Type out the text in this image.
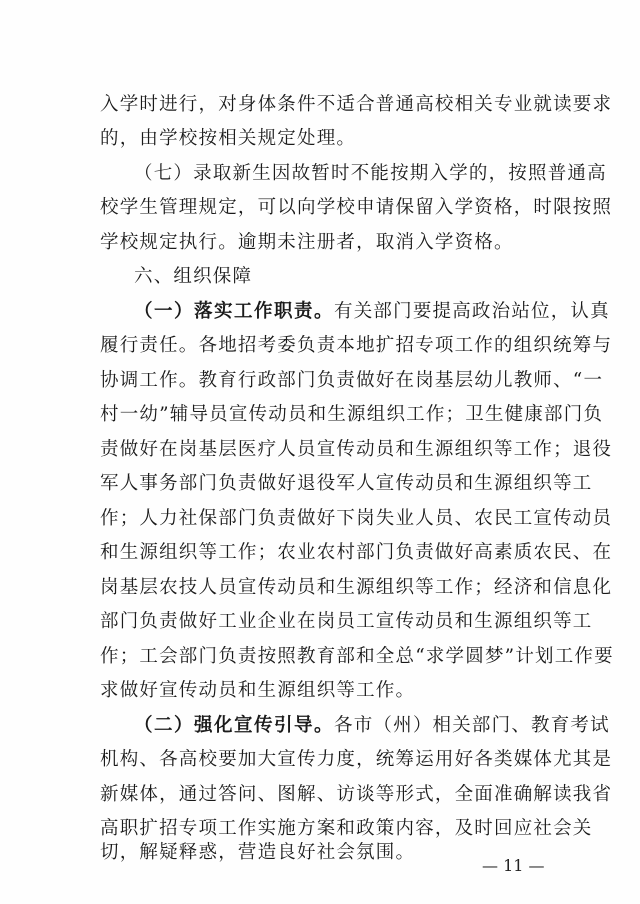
入学时进行，对身体条件不适合普通高校相关专业就读要求
的，由学校按相关规定处理。
（七）录取新生因故暂时不能按期入学的，按照普通高
校学生管理规定，可以向学校申请保留入学资格，时限按照
学校规定执行。逾期未注册者，取消入学资格。
六、组织保障
（一）落实工作职责。有关部门要提高政治站位，认真
履行责任。各地招考委负责本地扩招专项工作的组织统筹与
协调工作。教育行政部门负责做好在岗基层幼儿教师、“一
村一幼”辅导员宣传动员和生源组织工作；卫生健康部门负
责做好在岗基层医疗人员宣传动员和生源组织等工作；退役
军人事务部门负责做好退役军人宣传动员和生源组织等工
作；人力社保部门负责做好下岗失业人员、农民工宣传动员
和生源组织等工作；农业农村部门负责做好高素质农民、在
岗基层农技人员宣传动员和生源组织等工作；经济和信息化
部门负责做好工业企业在岗员工宣传动员和生源组织等工
作；工会部门负责按照教育部和全总“求学圆梦”计划工作要
求做好宣传动员和生源组织等工作。
（二）强化宣传引导。各市（州）相关部门、教育考试
机构、各高校要加大宣传力度，统筹运用好各类媒体尤其是
新媒体，通过答问、图解、访谈等形式，全面准确解读我省
高职扩招专项工作实施方案和政策内容，及时回应社会关
切，解疑释惑，营造良好社会氛围。
— 11 —
